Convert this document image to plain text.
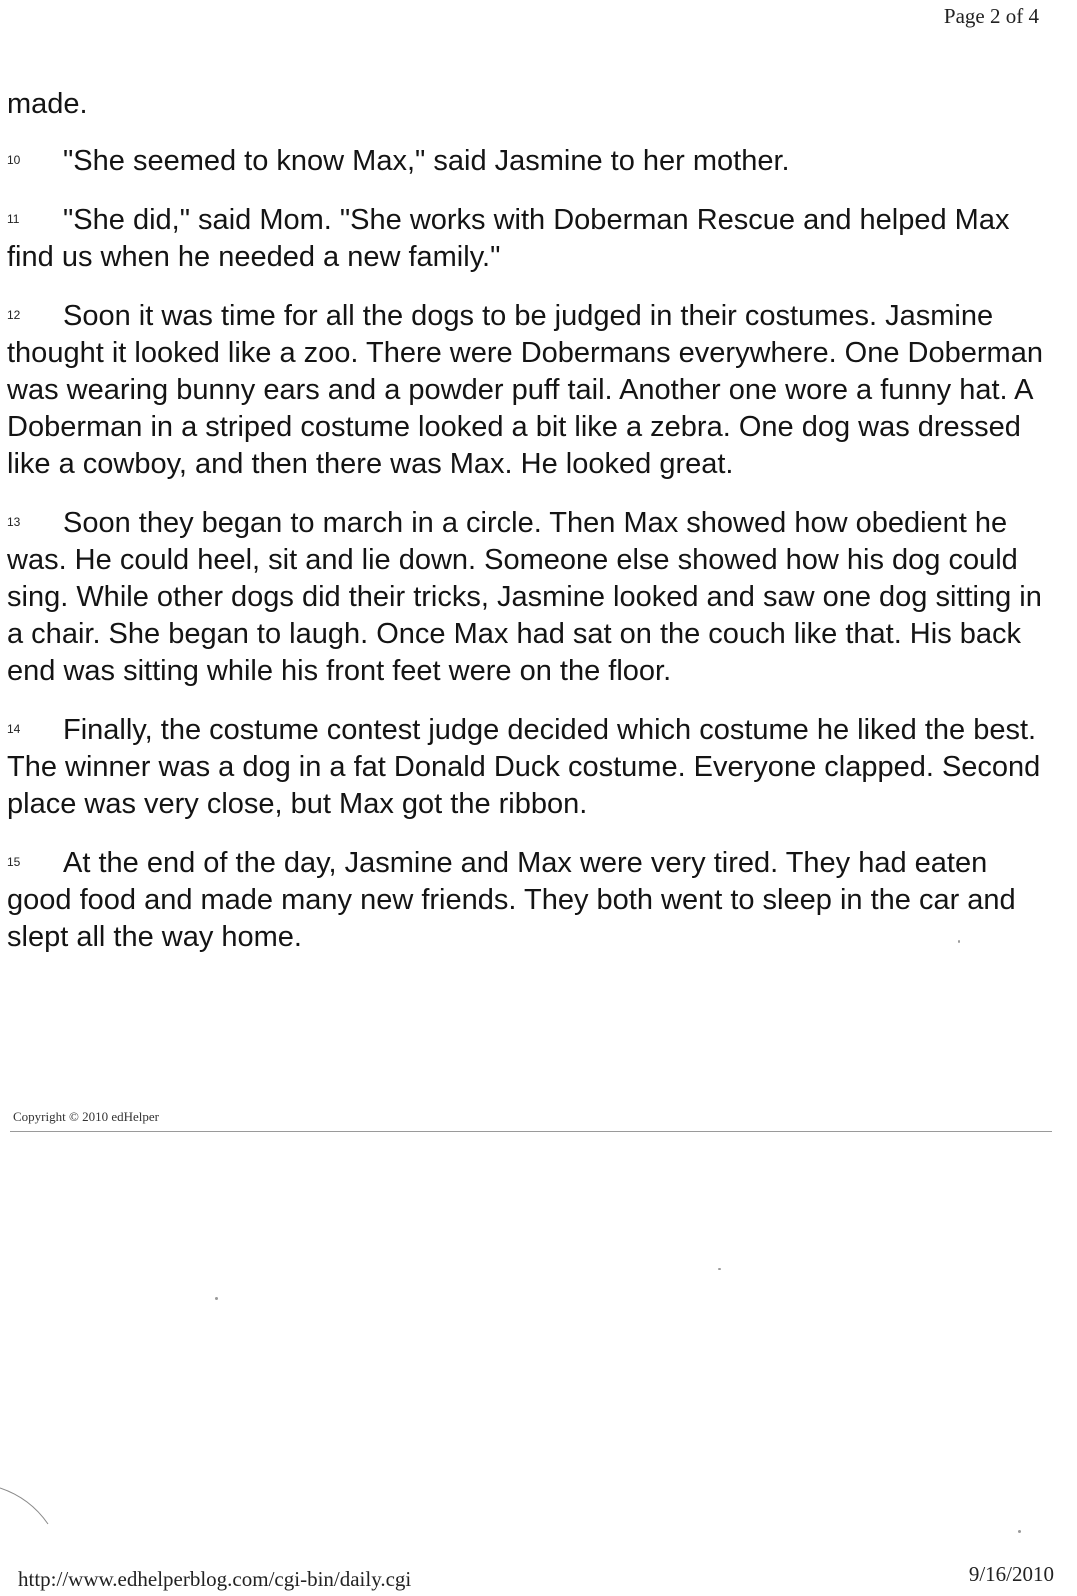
Page 2 of 4

made.

10 "She seemed to know Max," said Jasmine to her mother.

11 "She did," said Mom. "She works with Doberman Rescue and helped Max find us when he needed a new family."

12 Soon it was time for all the dogs to be judged in their costumes. Jasmine thought it looked like a zoo. There were Dobermans everywhere. One Doberman was wearing bunny ears and a powder puff tail. Another one wore a funny hat. A Doberman in a striped costume looked a bit like a zebra. One dog was dressed like a cowboy, and then there was Max. He looked great.

13 Soon they began to march in a circle. Then Max showed how obedient he was. He could heel, sit and lie down. Someone else showed how his dog could sing. While other dogs did their tricks, Jasmine looked and saw one dog sitting in a chair. She began to laugh. Once Max had sat on the couch like that. His back end was sitting while his front feet were on the floor.

14 Finally, the costume contest judge decided which costume he liked the best. The winner was a dog in a fat Donald Duck costume. Everyone clapped. Second place was very close, but Max got the ribbon.

15 At the end of the day, Jasmine and Max were very tired. They had eaten good food and made many new friends. They both went to sleep in the car and slept all the way home.

Copyright © 2010 edHelper
http://www.edhelperblog.com/cgi-bin/daily.cgi	9/16/2010
